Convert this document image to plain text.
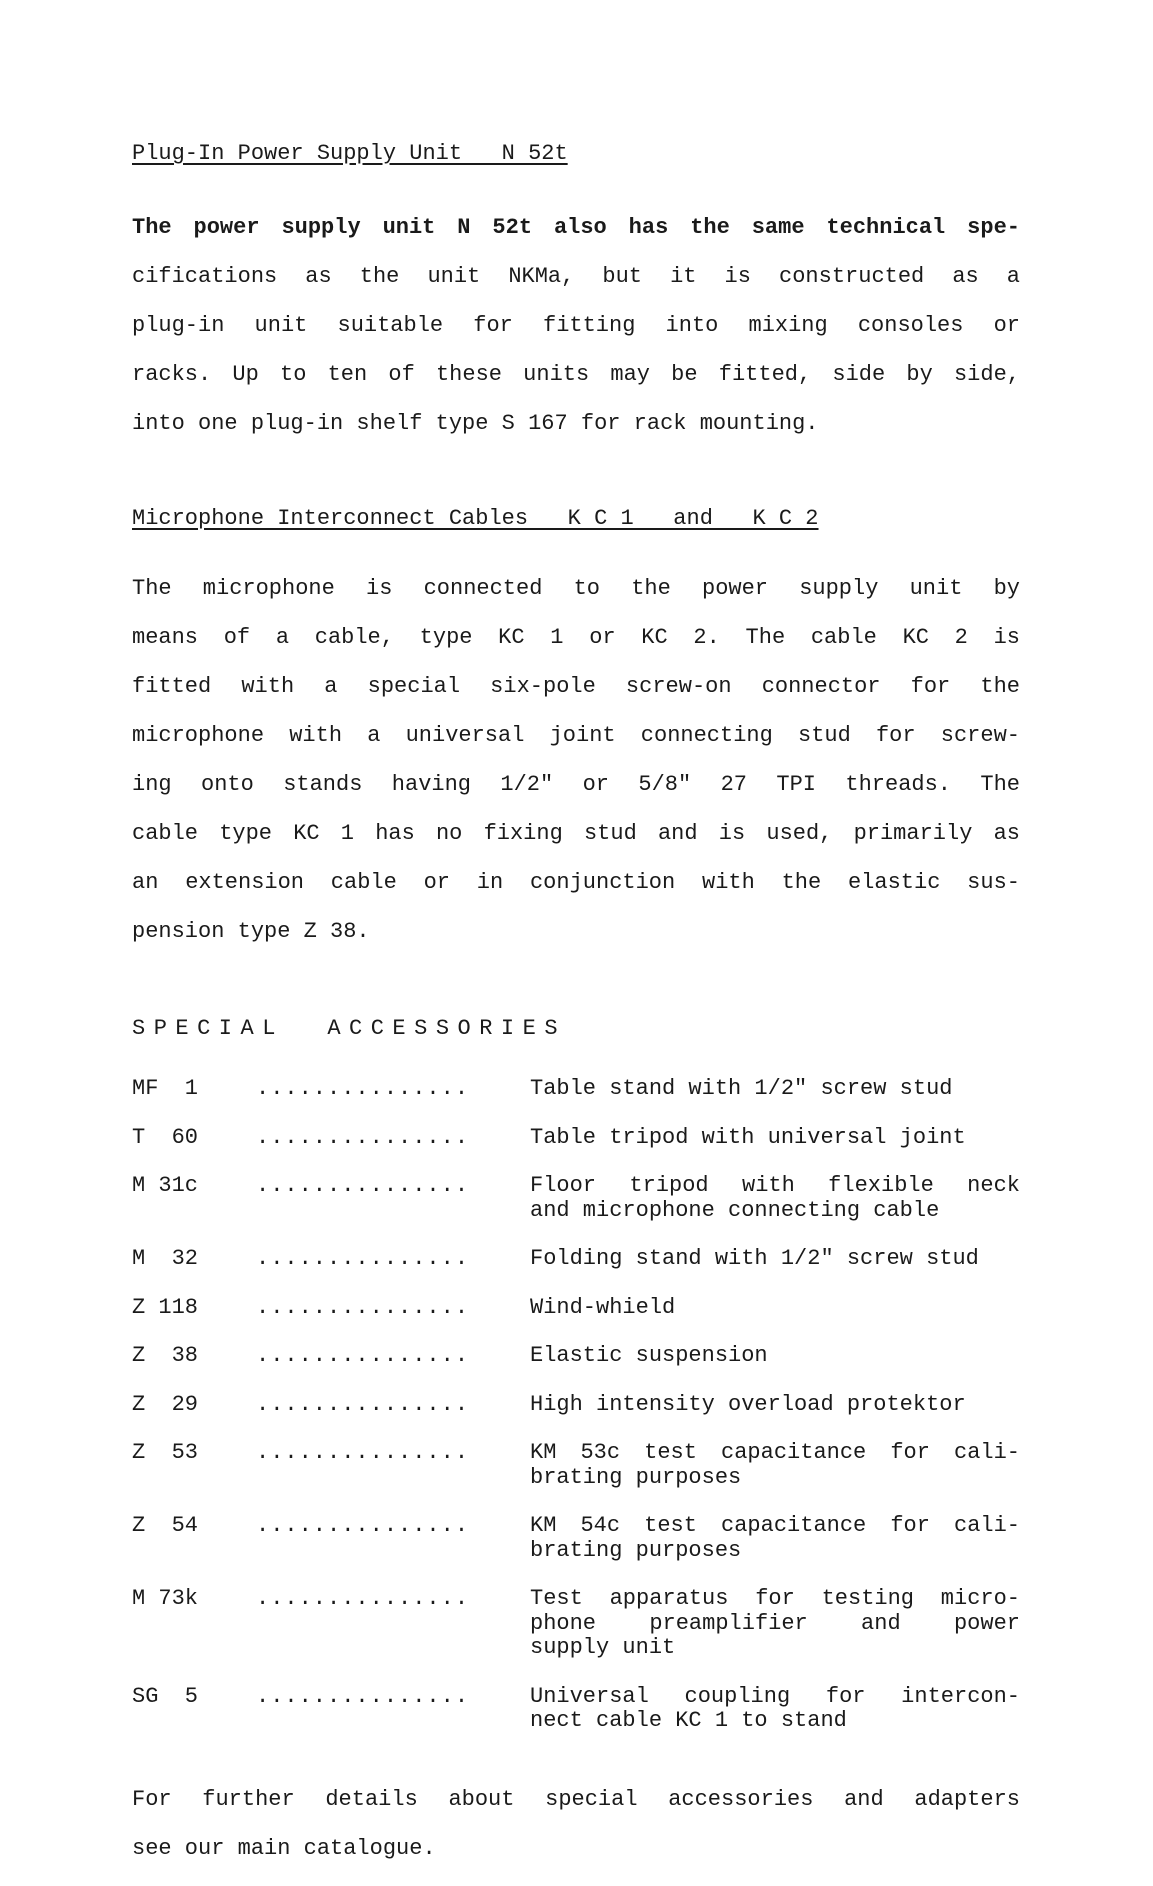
Plug-In Power Supply Unit   N 52t

The power supply unit N 52t also has the same technical spe-

cifications as the unit NKMa, but it is constructed as a

plug-in unit suitable for fitting into mixing consoles or

racks. Up to ten of these units may be fitted, side by side,

into one plug-in shelf type S 167 for rack mounting.

Microphone Interconnect Cables   K C 1   and   K C 2

The microphone is connected to the power supply unit by

means of a cable, type KC 1 or KC 2. The cable KC 2 is

fitted with a special six-pole screw-on connector for the

microphone with a universal joint connecting stud for screw-

ing onto stands having 1/2" or 5/8" 27 TPI threads. The

cable type KC 1 has no fixing stud and is used, primarily as

an extension cable or in conjunction with the elastic sus-

pension type Z 38.

SPECIAL  ACCESSORIES

MF  1	...............	Table stand with 1/2" screw stud
T  60	...............	Table tripod with universal joint
M 31c	...............	Floor tripod with flexible neck
and microphone connecting cable
M  32	...............	Folding stand with 1/2" screw stud
Z 118	...............	Wind-whield
Z  38	...............	Elastic suspension
Z  29	...............	High intensity overload protektor
Z  53	...............	KM 53c test capacitance for cali-
brating purposes
Z  54	...............	KM 54c test capacitance for cali-
brating purposes
M 73k	...............	Test apparatus for testing micro-
phone preamplifier and power
supply unit
SG  5	...............	Universal coupling for intercon-
nect cable KC 1 to stand

For further details about special accessories and adapters

see our main catalogue.
